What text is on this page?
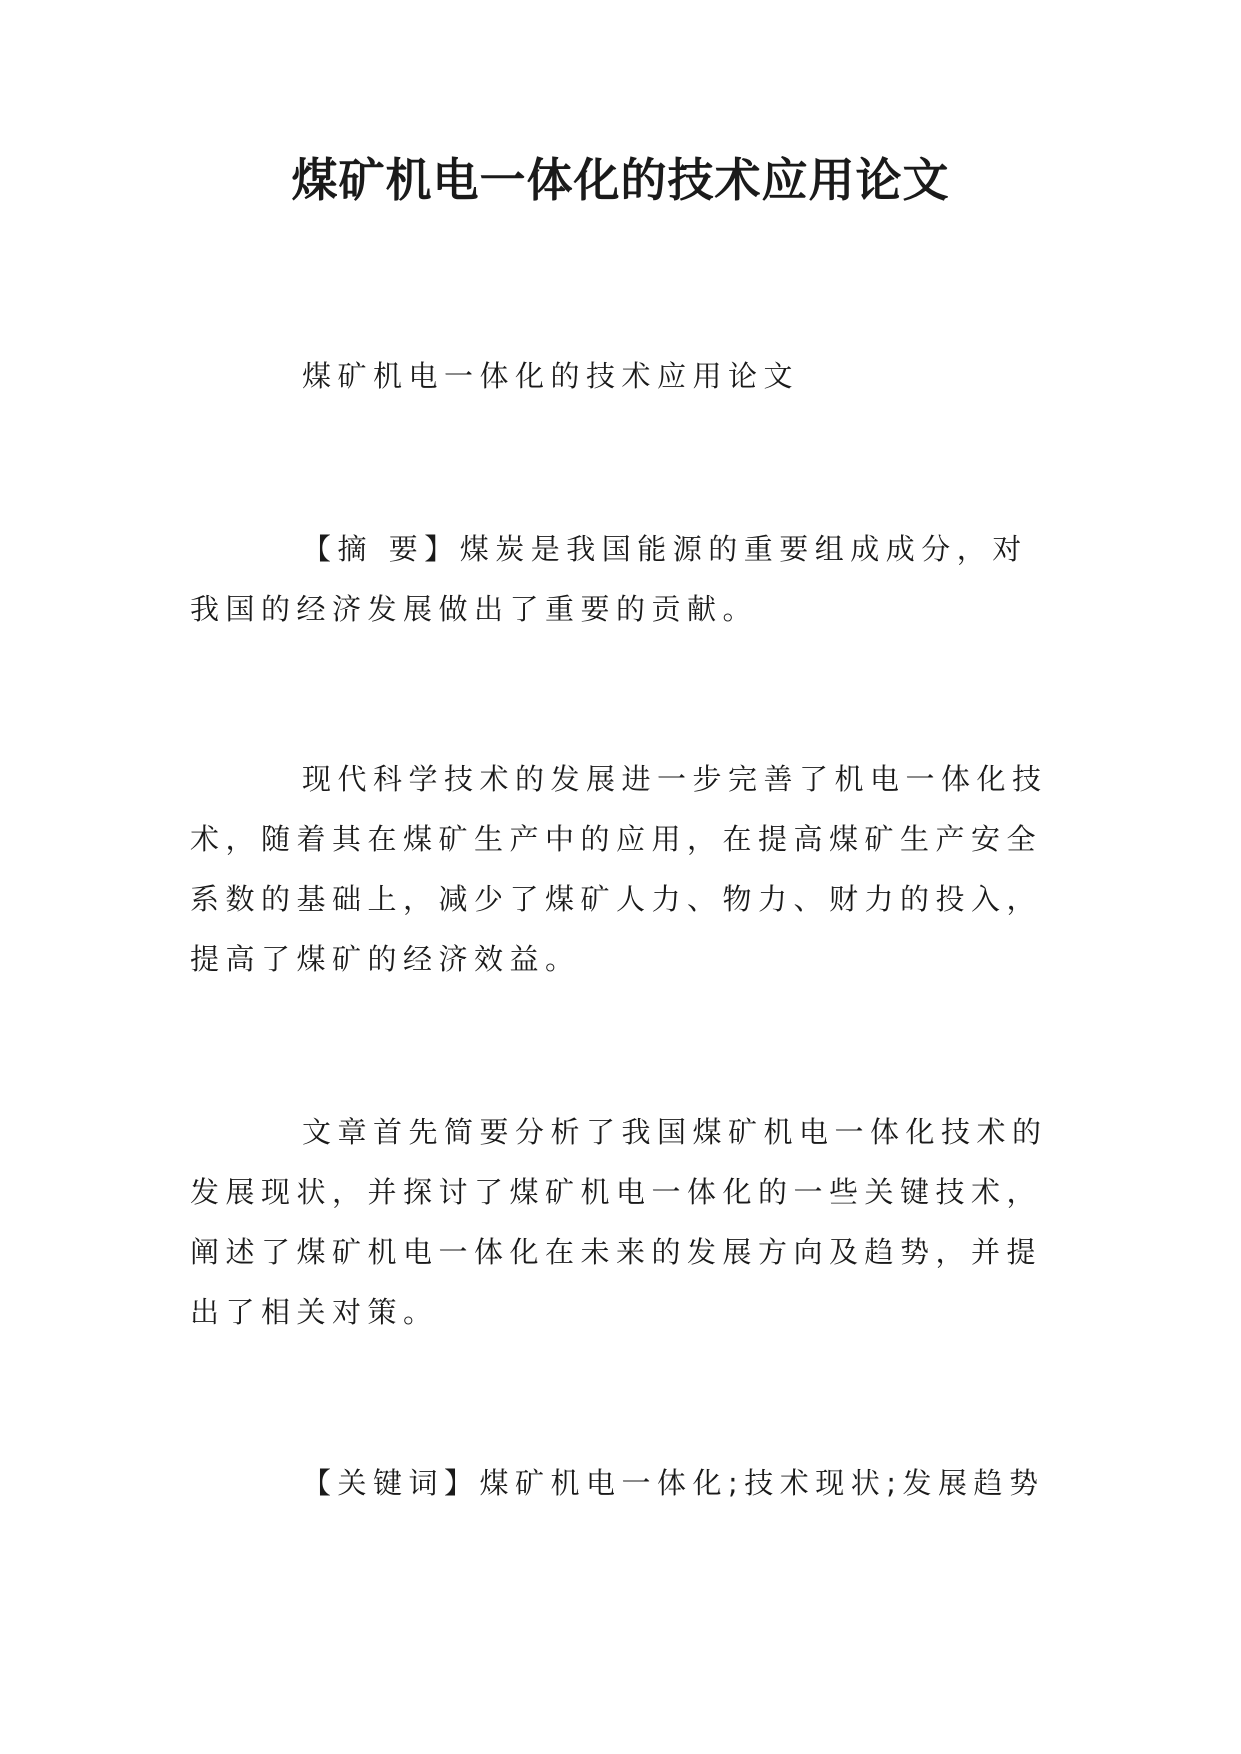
煤矿机电一体化的技术应用论文

煤矿机电一体化的技术应用论文

【摘 要】煤炭是我国能源的重要组成成分，对我国的经济发展做出了重要的贡献。

现代科学技术的发展进一步完善了机电一体化技术，随着其在煤矿生产中的应用，在提高煤矿生产安全系数的基础上，减少了煤矿人力、物力、财力的投入，提高了煤矿的经济效益。

文章首先简要分析了我国煤矿机电一体化技术的发展现状，并探讨了煤矿机电一体化的一些关键技术，阐述了煤矿机电一体化在未来的发展方向及趋势，并提出了相关对策。

【关键词】煤矿机电一体化;技术现状;发展趋势
